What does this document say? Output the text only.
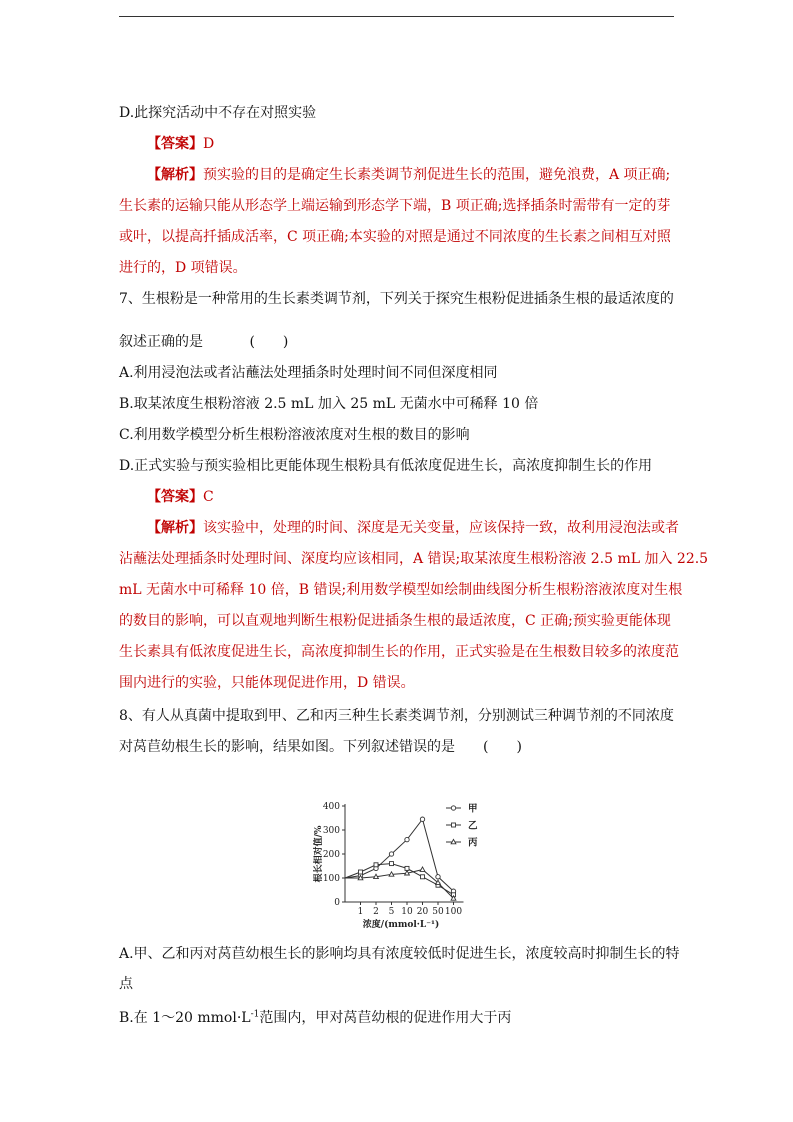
D.此探究活动中不存在对照实验
【答案】D
【解析】预实验的目的是确定生长素类调节剂促进生长的范围，避免浪费，A 项正确;
生长素的运输只能从形态学上端运输到形态学下端，B 项正确;选择插条时需带有一定的芽
或叶，以提高扦插成活率，C 项正确;本实验的对照是通过不同浓度的生长素之间相互对照
进行的，D 项错误。
7、生根粉是一种常用的生长素类调节剂，下列关于探究生根粉促进插条生根的最适浓度的
叙述正确的是　　　 (　　)
A.利用浸泡法或者沾蘸法处理插条时处理时间不同但深度相同
B.取某浓度生根粉溶液 2.5 mL 加入 25 mL 无菌水中可稀释 10 倍
C.利用数学模型分析生根粉溶液浓度对生根的数目的影响
D.正式实验与预实验相比更能体现生根粉具有低浓度促进生长，高浓度抑制生长的作用
【答案】C
【解析】该实验中，处理的时间、深度是无关变量，应该保持一致，故利用浸泡法或者
沾蘸法处理插条时处理时间、深度均应该相同，A 错误;取某浓度生根粉溶液 2.5 mL 加入 22.5
mL 无菌水中可稀释 10 倍，B 错误;利用数学模型如绘制曲线图分析生根粉溶液浓度对生根
的数目的影响，可以直观地判断生根粉促进插条生根的最适浓度，C 正确;预实验更能体现
生长素具有低浓度促进生长，高浓度抑制生长的作用，正式实验是在生根数目较多的浓度范
围内进行的实验，只能体现促进作用，D 错误。
8、有人从真菌中提取到甲、乙和丙三种生长素类调节剂，分别测试三种调节剂的不同浓度
对莴苣幼根生长的影响，结果如图。下列叙述错误的是　　(　　)
0
100
200
300
400
1 2 5 10 20 50 100
浓度/(mmol·L⁻¹)
根长相对值/%
甲
乙
丙
A.甲、乙和丙对莴苣幼根生长的影响均具有浓度较低时促进生长，浓度较高时抑制生长的特
点
B.在 1～20 $mmol\cdot L^{-1}$范围内，甲对莴苣幼根的促进作用大于丙
